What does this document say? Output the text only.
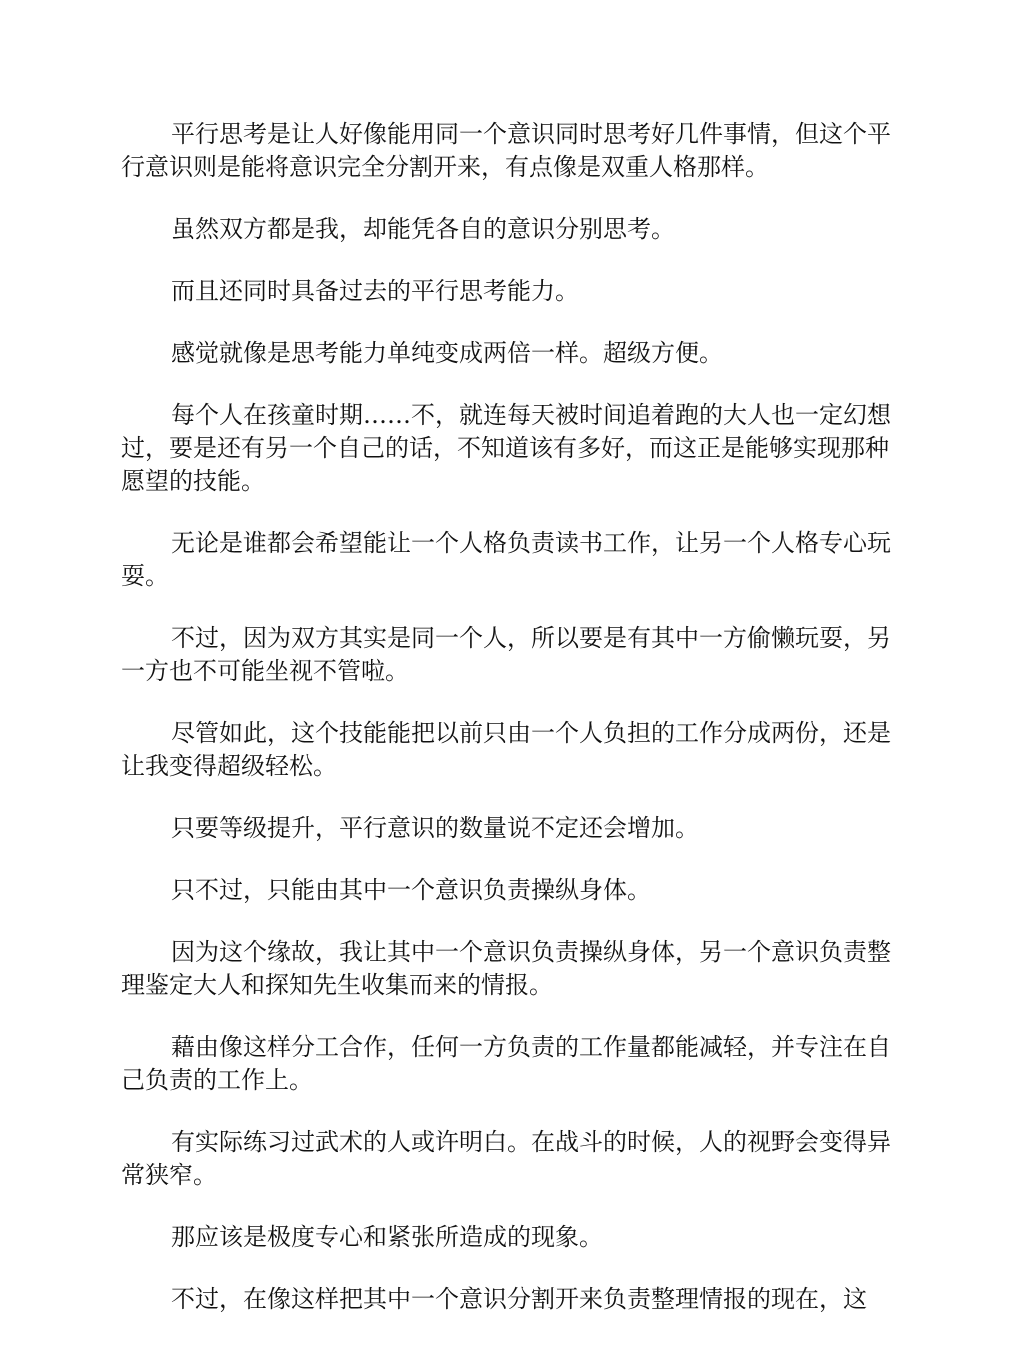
平行思考是让人好像能用同一个意识同时思考好几件事情，但这个平行意识则是能将意识完全分割开来，有点像是双重人格那样。

虽然双方都是我，却能凭各自的意识分别思考。

而且还同时具备过去的平行思考能力。

感觉就像是思考能力单纯变成两倍一样。超级方便。

每个人在孩童时期……不，就连每天被时间追着跑的大人也一定幻想过，要是还有另一个自己的话，不知道该有多好，而这正是能够实现那种愿望的技能。

无论是谁都会希望能让一个人格负责读书工作，让另一个人格专心玩耍。

不过，因为双方其实是同一个人，所以要是有其中一方偷懒玩耍，另一方也不可能坐视不管啦。

尽管如此，这个技能能把以前只由一个人负担的工作分成两份，还是让我变得超级轻松。

只要等级提升，平行意识的数量说不定还会增加。

只不过，只能由其中一个意识负责操纵身体。

因为这个缘故，我让其中一个意识负责操纵身体，另一个意识负责整理鉴定大人和探知先生收集而来的情报。

藉由像这样分工合作，任何一方负责的工作量都能减轻，并专注在自己负责的工作上。

有实际练习过武术的人或许明白。在战斗的时候，人的视野会变得异常狭窄。

那应该是极度专心和紧张所造成的现象。

不过，在像这样把其中一个意识分割开来负责整理情报的现在，这
